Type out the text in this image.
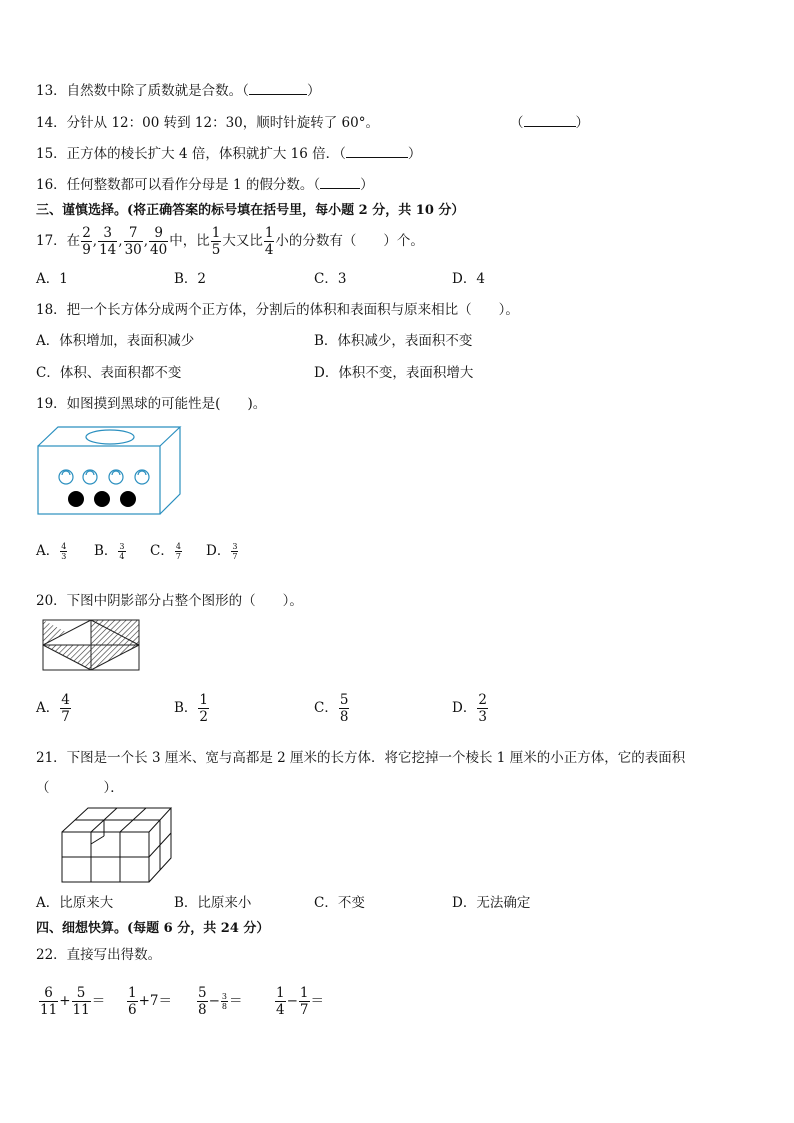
13．自然数中除了质数就是合数。（	）
14．分针从 12：00 转到 12：30，顺时针旋转了 60°。	（	）
15．正方体的棱长扩大 4 倍，体积就扩大 16 倍．（	）
16．任何整数都可以看作分母是 1 的假分数。（	）
三、谨慎选择。(将正确答案的标号填在括号里，每小题 2 分，共 10 分）
17．在 $\frac{2}{9}$ , $\frac{3}{14}$ , $\frac{7}{30}$ , $\frac{9}{40}$ 中，比 $\frac{1}{5}$ 大又比 $\frac{1}{4}$ 小的分数有（　　）个。
A．1	B．2	C．3	D．4
18．把一个长方体分成两个正方体，分割后的体积和表面积与原来相比（　　）。
A．体积增加，表面积减少	B．体积减少，表面积不变
C．体积、表面积都不变	D．体积不变，表面积增大
19．如图摸到黑球的可能性是(　　)。
A． $\frac{4}{3}$ B． $\frac{3}{4}$ C． $\frac{4}{7}$ D． $\frac{3}{7}$
20．下图中阴影部分占整个图形的（　　）。
A． $\frac{4}{7}$	B． $\frac{1}{2}$	C． $\frac{5}{8}$	D． $\frac{2}{3}$
21．下图是一个长 3 厘米、宽与高都是 2 厘米的长方体．将它挖掉一个棱长 1 厘米的小正方体，它的表面积
（　　　　）．
A．比原来大	B．比原来小	C．不变	D．无法确定
四、细想快算。(每题 6 分，共 24 分）
22．直接写出得数。
$\frac{6}{11} + \frac{5}{11} = \frac{1}{6} +7= \frac{5}{8} - \frac{3}{8} = \frac{1}{4} - \frac{1}{7}$ ＝
